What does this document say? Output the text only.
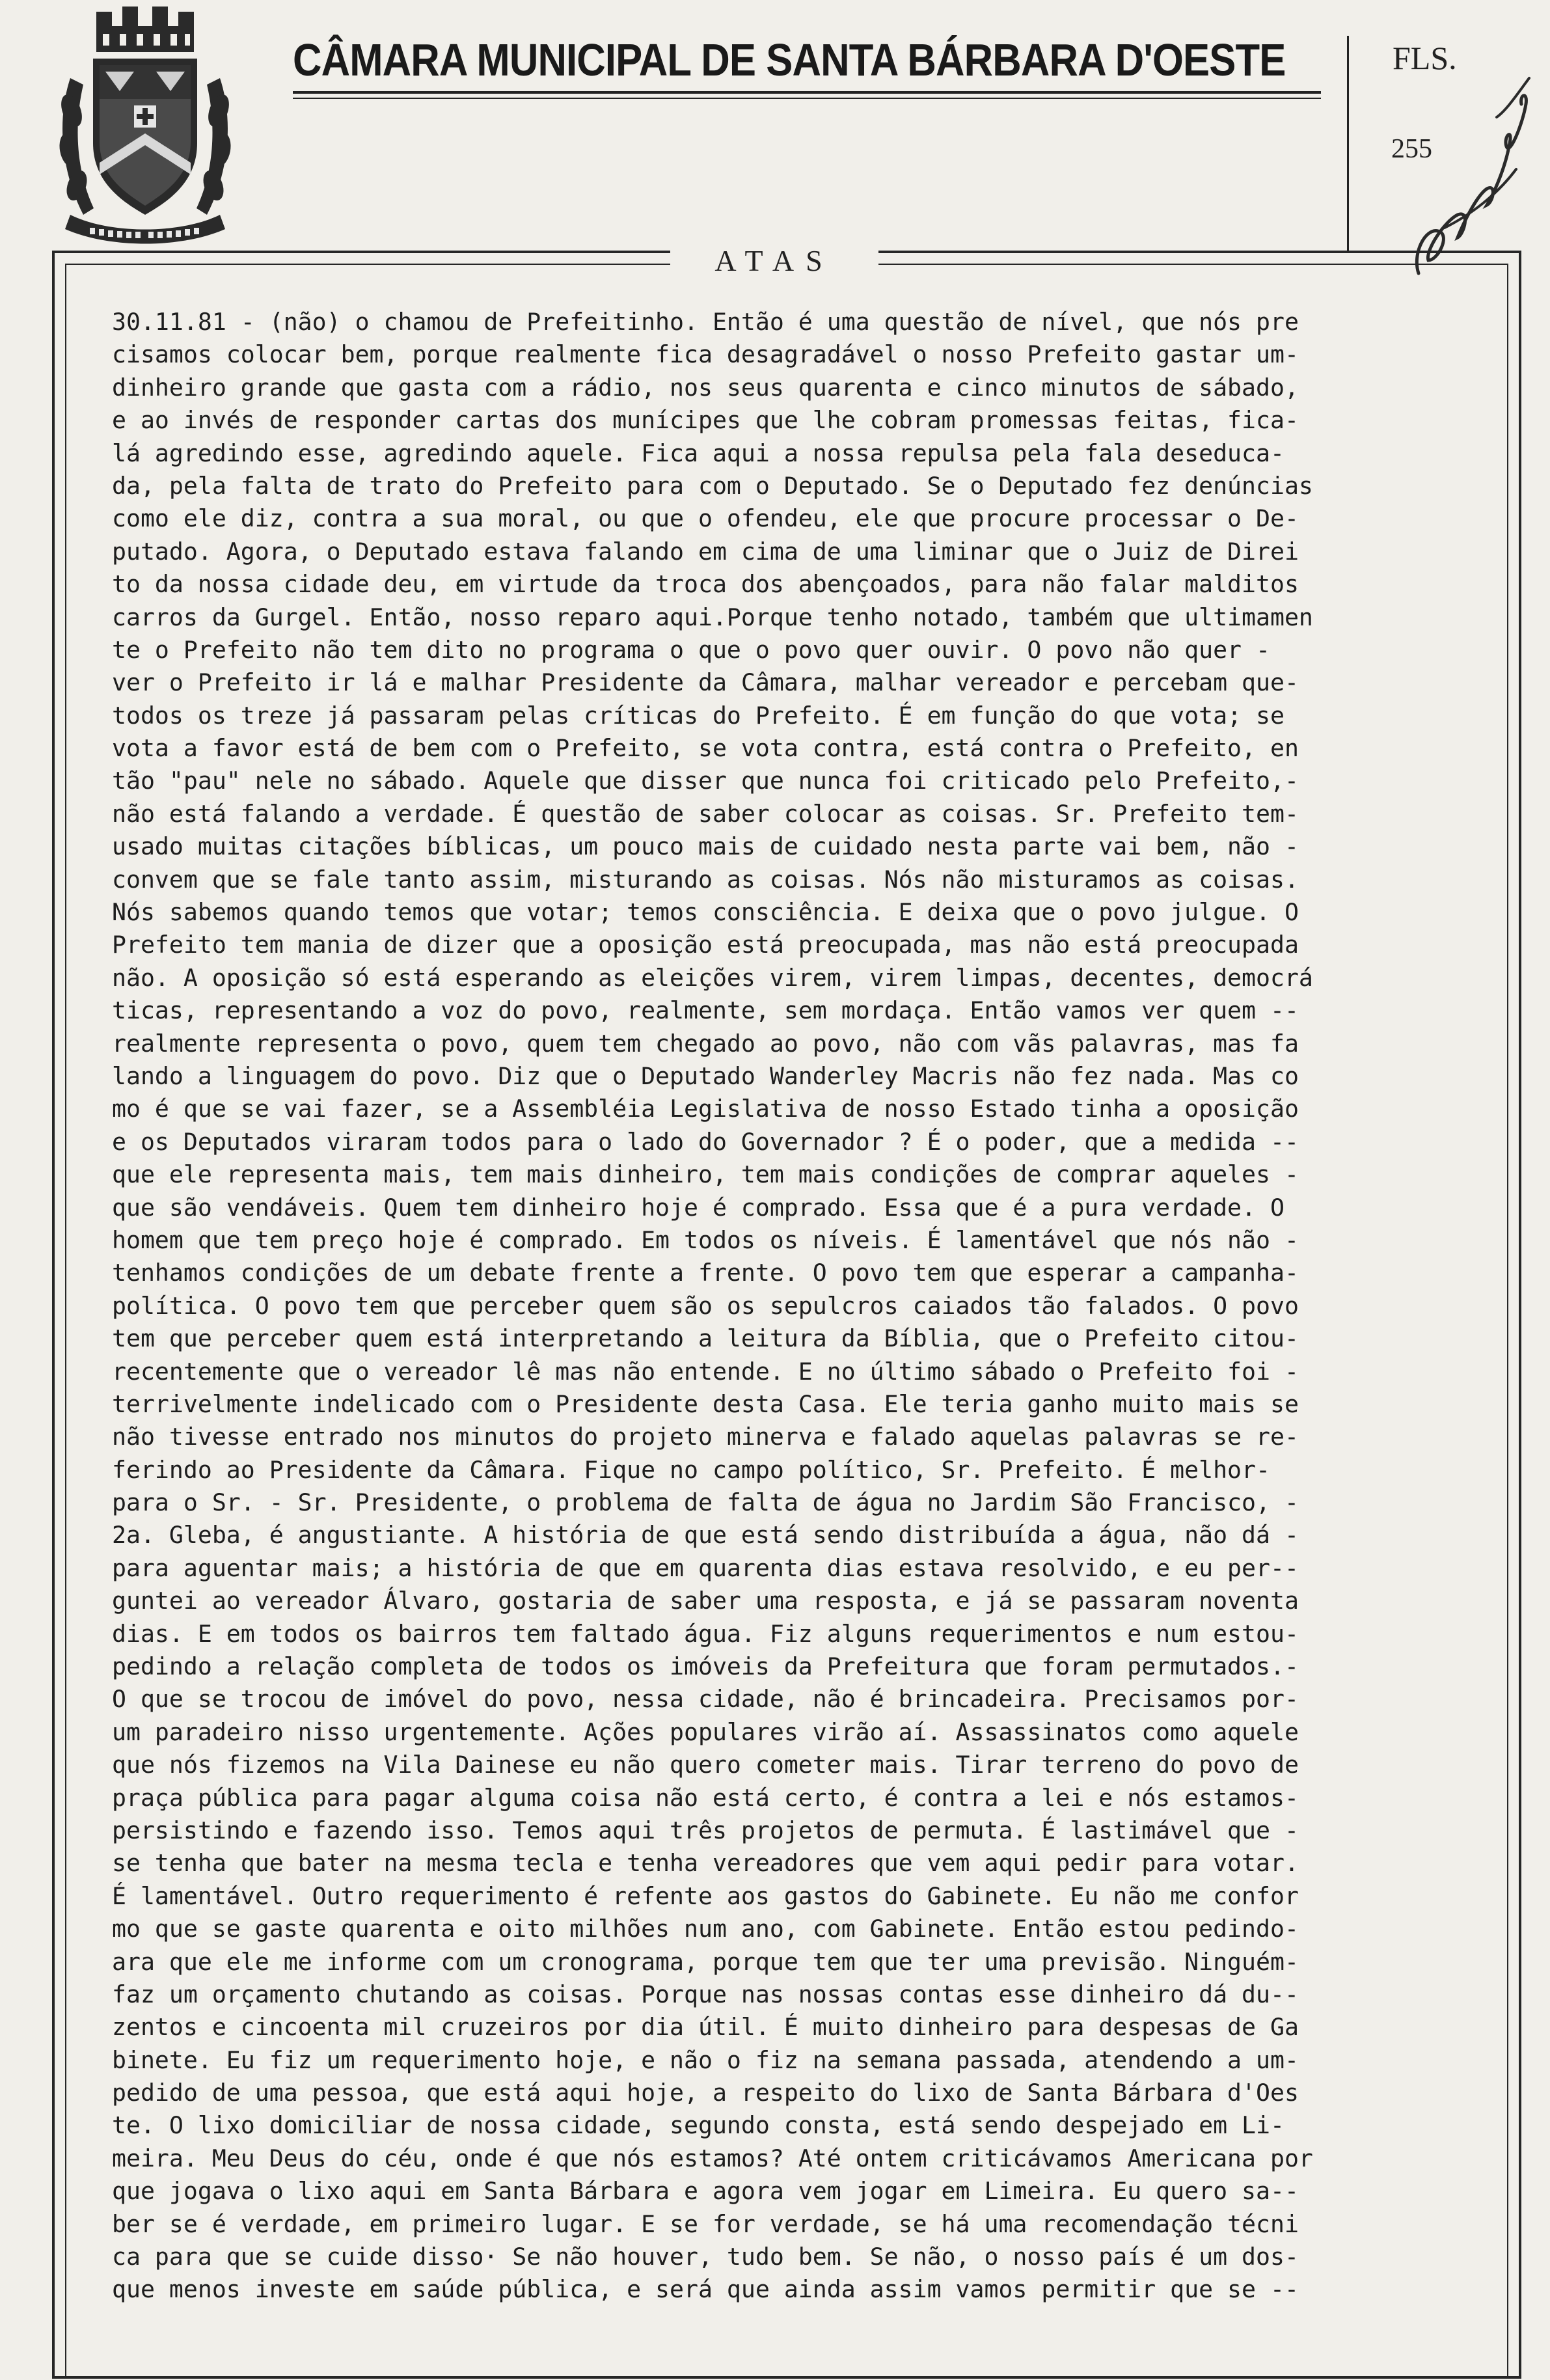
CÂMARA MUNICIPAL DE SANTA BÁRBARA D'OESTE	FLS.
255
ATAS
30.11.81 - (não) o chamou de Prefeitinho. Então é uma questão de nível, que nós pre
cisamos colocar bem, porque realmente fica desagradável o nosso Prefeito gastar um-
dinheiro grande que gasta com a rádio, nos seus quarenta e cinco minutos de sábado,
e ao invés de responder cartas dos munícipes que lhe cobram promessas feitas, fica-
lá agredindo esse, agredindo aquele. Fica aqui a nossa repulsa pela fala deseduca-
da, pela falta de trato do Prefeito para com o Deputado. Se o Deputado fez denúncias
como ele diz, contra a sua moral, ou que o ofendeu, ele que procure processar o De-
putado. Agora, o Deputado estava falando em cima de uma liminar que o Juiz de Direi
to da nossa cidade deu, em virtude da troca dos abençoados, para não falar malditos
carros da Gurgel. Então, nosso reparo aqui.Porque tenho notado, também que ultimamen
te o Prefeito não tem dito no programa o que o povo quer ouvir. O povo não quer -
ver o Prefeito ir lá e malhar Presidente da Câmara, malhar vereador e percebam que-
todos os treze já passaram pelas críticas do Prefeito. É em função do que vota; se
vota a favor está de bem com o Prefeito, se vota contra, está contra o Prefeito, en
tão "pau" nele no sábado. Aquele que disser que nunca foi criticado pelo Prefeito,-
não está falando a verdade. É questão de saber colocar as coisas. Sr. Prefeito tem-
usado muitas citações bíblicas, um pouco mais de cuidado nesta parte vai bem, não -
convem que se fale tanto assim, misturando as coisas. Nós não misturamos as coisas.
Nós sabemos quando temos que votar; temos consciência. E deixa que o povo julgue. O
Prefeito tem mania de dizer que a oposição está preocupada, mas não está preocupada
não. A oposição só está esperando as eleições virem, virem limpas, decentes, democrá
ticas, representando a voz do povo, realmente, sem mordaça. Então vamos ver quem --
realmente representa o povo, quem tem chegado ao povo, não com vãs palavras, mas fa
lando a linguagem do povo. Diz que o Deputado Wanderley Macris não fez nada. Mas co
mo é que se vai fazer, se a Assembléia Legislativa de nosso Estado tinha a oposição
e os Deputados viraram todos para o lado do Governador ? É o poder, que a medida --
que ele representa mais, tem mais dinheiro, tem mais condições de comprar aqueles -
que são vendáveis. Quem tem dinheiro hoje é comprado. Essa que é a pura verdade. O
homem que tem preço hoje é comprado. Em todos os níveis. É lamentável que nós não -
tenhamos condições de um debate frente a frente. O povo tem que esperar a campanha-
política. O povo tem que perceber quem são os sepulcros caiados tão falados. O povo
tem que perceber quem está interpretando a leitura da Bíblia, que o Prefeito citou-
recentemente que o vereador lê mas não entende. E no último sábado o Prefeito foi -
terrivelmente indelicado com o Presidente desta Casa. Ele teria ganho muito mais se
não tivesse entrado nos minutos do projeto minerva e falado aquelas palavras se re-
ferindo ao Presidente da Câmara. Fique no campo político, Sr. Prefeito. É melhor-
para o Sr. - Sr. Presidente, o problema de falta de água no Jardim São Francisco, -
2a. Gleba, é angustiante. A história de que está sendo distribuída a água, não dá -
para aguentar mais; a história de que em quarenta dias estava resolvido, e eu per--
guntei ao vereador Álvaro, gostaria de saber uma resposta, e já se passaram noventa
dias. E em todos os bairros tem faltado água. Fiz alguns requerimentos e num estou-
pedindo a relação completa de todos os imóveis da Prefeitura que foram permutados.-
O que se trocou de imóvel do povo, nessa cidade, não é brincadeira. Precisamos por-
um paradeiro nisso urgentemente. Ações populares virão aí. Assassinatos como aquele
que nós fizemos na Vila Dainese eu não quero cometer mais. Tirar terreno do povo de
praça pública para pagar alguma coisa não está certo, é contra a lei e nós estamos-
persistindo e fazendo isso. Temos aqui três projetos de permuta. É lastimável que -
se tenha que bater na mesma tecla e tenha vereadores que vem aqui pedir para votar.
É lamentável. Outro requerimento é refente aos gastos do Gabinete. Eu não me confor
mo que se gaste quarenta e oito milhões num ano, com Gabinete. Então estou pedindo-
ara que ele me informe com um cronograma, porque tem que ter uma previsão. Ninguém-
faz um orçamento chutando as coisas. Porque nas nossas contas esse dinheiro dá du--
zentos e cincoenta mil cruzeiros por dia útil. É muito dinheiro para despesas de Ga
binete. Eu fiz um requerimento hoje, e não o fiz na semana passada, atendendo a um-
pedido de uma pessoa, que está aqui hoje, a respeito do lixo de Santa Bárbara d'Oes
te. O lixo domiciliar de nossa cidade, segundo consta, está sendo despejado em Li-
meira. Meu Deus do céu, onde é que nós estamos? Até ontem criticávamos Americana por
que jogava o lixo aqui em Santa Bárbara e agora vem jogar em Limeira. Eu quero sa--
ber se é verdade, em primeiro lugar. E se for verdade, se há uma recomendação técni
ca para que se cuide disso· Se não houver, tudo bem. Se não, o nosso país é um dos-
que menos investe em saúde pública, e será que ainda assim vamos permitir que se --
